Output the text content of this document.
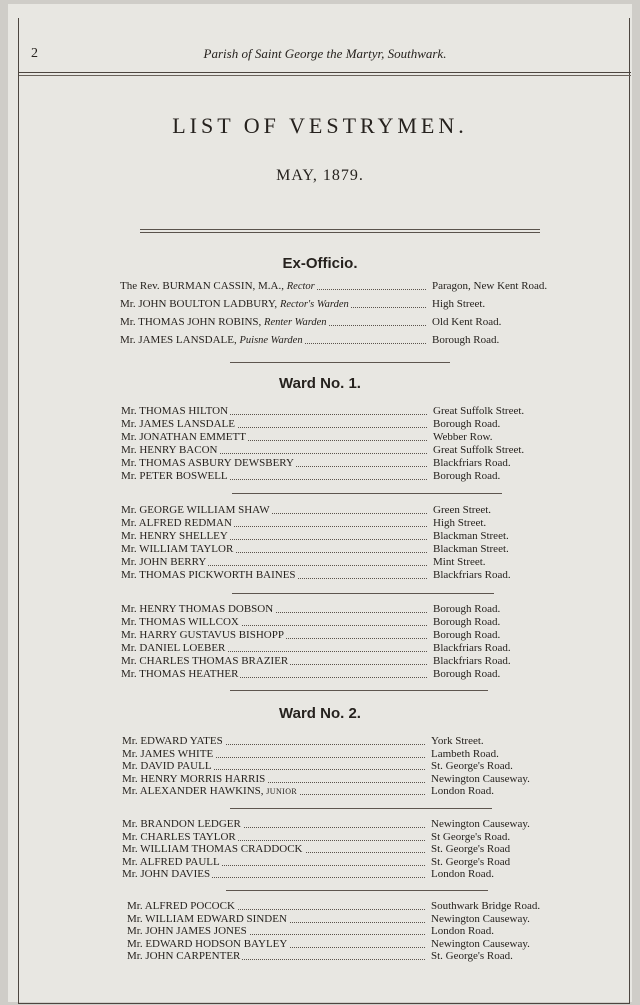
2	Parish of Saint George the Martyr, Southwark.
LIST OF VESTRYMEN.
MAY, 1879.
Ex-Officio.
The Rev. BURMAN CASSIN, M.A., Rector	Paragon, New Kent Road.
Mr. JOHN BOULTON LADBURY, Rector's Warden	High Street.
Mr. THOMAS JOHN ROBINS, Renter Warden	Old Kent Road.
Mr. JAMES LANSDALE, Puisne Warden	Borough Road.
Ward No. 1.
Mr. THOMAS HILTON	Great Suffolk Street.
Mr. JAMES LANSDALE	Borough Road.
Mr. JONATHAN EMMETT	Webber Row.
Mr. HENRY BACON	Great Suffolk Street.
Mr. THOMAS ASBURY DEWSBERY	Blackfriars Road.
Mr. PETER BOSWELL	Borough Road.
Mr. GEORGE WILLIAM SHAW	Green Street.
Mr. ALFRED REDMAN	High Street.
Mr. HENRY SHELLEY	Blackman Street.
Mr. WILLIAM TAYLOR	Blackman Street.
Mr. JOHN BERRY	Mint Street.
Mr. THOMAS PICKWORTH BAINES	Blackfriars Road.
Mr. HENRY THOMAS DOBSON	Borough Road.
Mr. THOMAS WILLCOX	Borough Road.
Mr. HARRY GUSTAVUS BISHOPP	Borough Road.
Mr. DANIEL LOEBER	Blackfriars Road.
Mr. CHARLES THOMAS BRAZIER	Blackfriars Road.
Mr. THOMAS HEATHER	Borough Road.
Ward No. 2.
Mr. EDWARD YATES	York Street.
Mr. JAMES WHITE	Lambeth Road.
Mr. DAVID PAULL	St. George's Road.
Mr. HENRY MORRIS HARRIS	Newington Causeway.
Mr. ALEXANDER HAWKINS, JUNIOR	London Road.
Mr. BRANDON LEDGER	Newington Causeway.
Mr. CHARLES TAYLOR	St George's Road.
Mr. WILLIAM THOMAS CRADDOCK	St. George's Road
Mr. ALFRED PAULL	St. George's Road
Mr. JOHN DAVIES	London Road.
Mr. ALFRED POCOCK	Southwark Bridge Road.
Mr. WILLIAM EDWARD SINDEN	Newington Causeway.
Mr. JOHN JAMES JONES	London Road.
Mr. EDWARD HODSON BAYLEY	Newington Causeway.
Mr. JOHN CARPENTER	St. George's Road.
